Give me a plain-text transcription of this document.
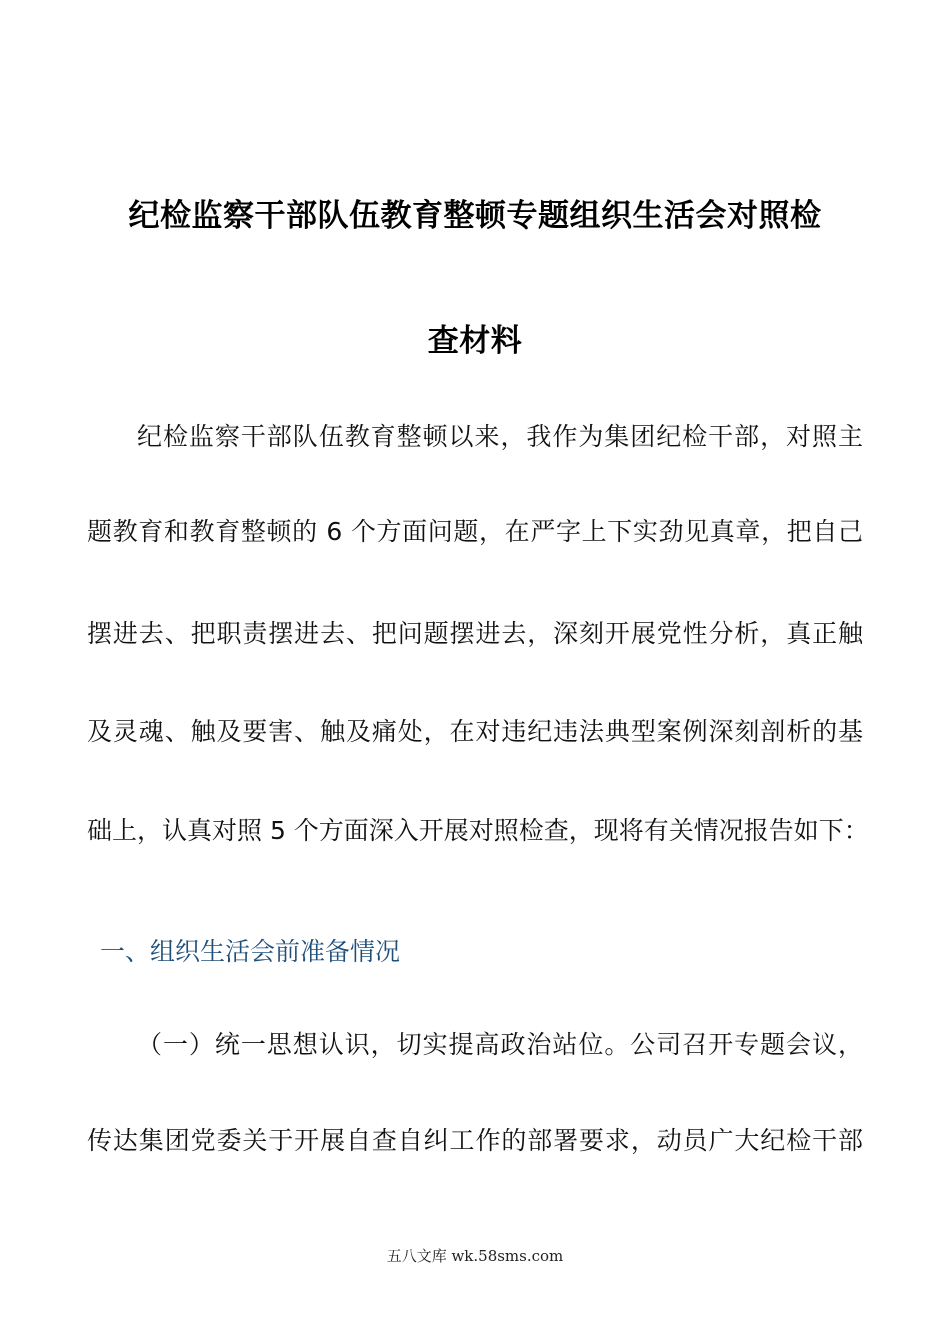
纪检监察干部队伍教育整顿专题组织生活会对照检
查材料
纪检监察干部队伍教育整顿以来，我作为集团纪检干部，对照主
题教育和教育整顿的 6 个方面问题，在严字上下实劲见真章，把自己
摆进去、把职责摆进去、把问题摆进去，深刻开展党性分析，真正触
及灵魂、触及要害、触及痛处，在对违纪违法典型案例深刻剖析的基
础上，认真对照 5 个方面深入开展对照检查，现将有关情况报告如下：
一、组织生活会前准备情况
（一）统一思想认识，切实提高政治站位。公司召开专题会议，
传达集团党委关于开展自查自纠工作的部署要求，动员广大纪检干部
五八文库 wk.58sms.com
